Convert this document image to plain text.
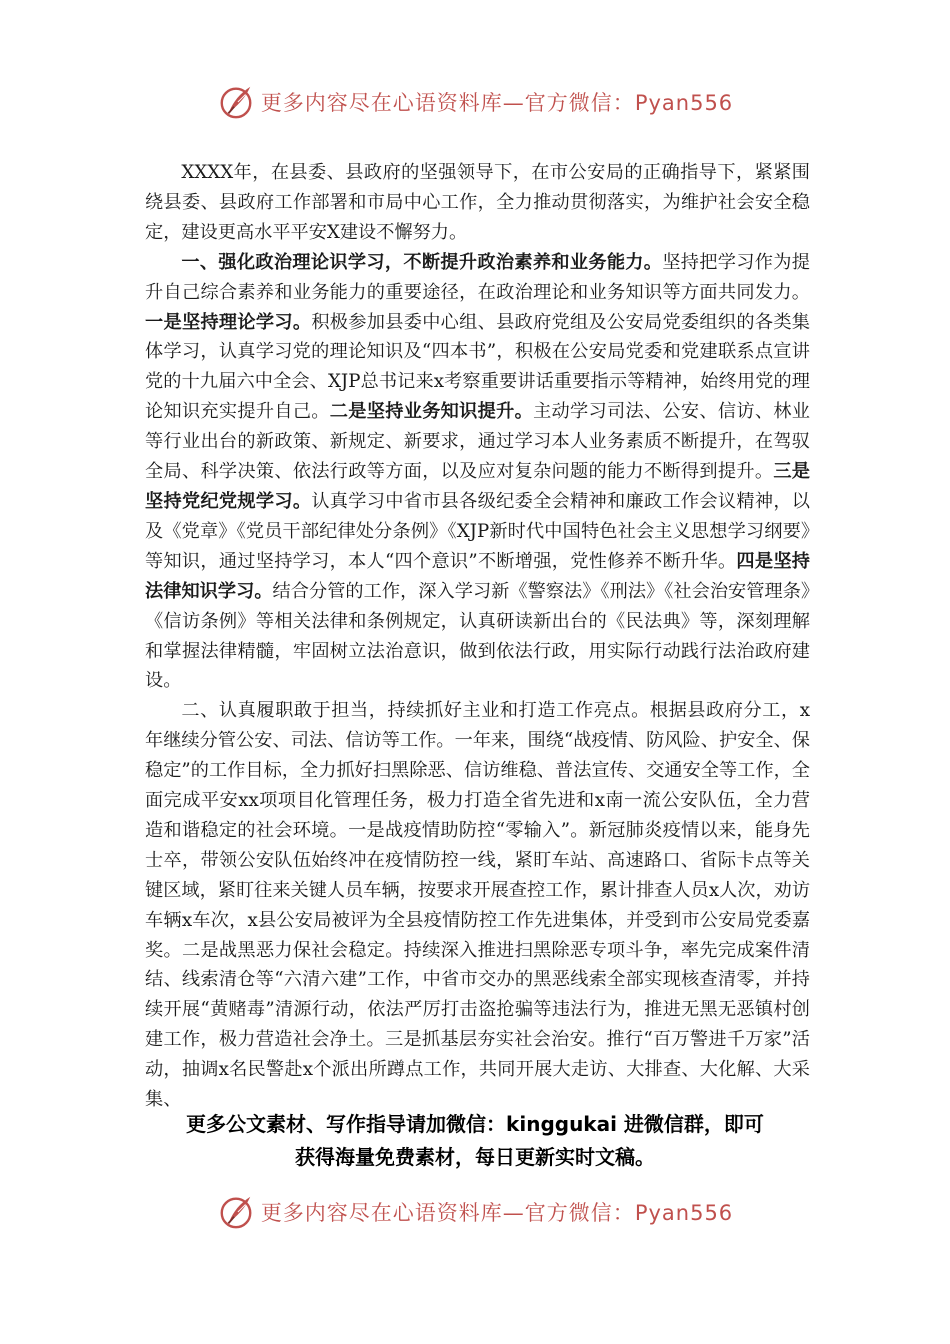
更多内容尽在心语资料库—官方微信：Pyan556

XXXX年，在县委、县政府的坚强领导下，在市公安局的正确指导下，紧紧围绕县委、县政府工作部署和市局中心工作，全力推动贯彻落实，为维护社会安全稳定，建设更高水平平安X建设不懈努力。

一、强化政治理论识学习，不断提升政治素养和业务能力。坚持把学习作为提升自己综合素养和业务能力的重要途径，在政治理论和业务知识等方面共同发力。一是坚持理论学习。积极参加县委中心组、县政府党组及公安局党委组织的各类集体学习，认真学习党的理论知识及“四本书”，积极在公安局党委和党建联系点宣讲党的十九届六中全会、XJP总书记来x考察重要讲话重要指示等精神，始终用党的理论知识充实提升自己。二是坚持业务知识提升。主动学习司法、公安、信访、林业等行业出台的新政策、新规定、新要求，通过学习本人业务素质不断提升，在驾驭全局、科学决策、依法行政等方面，以及应对复杂问题的能力不断得到提升。三是坚持党纪党规学习。认真学习中省市县各级纪委全会精神和廉政工作会议精神，以及《党章》《党员干部纪律处分条例》《XJP新时代中国特色社会主义思想学习纲要》等知识，通过坚持学习，本人“四个意识”不断增强，党性修养不断升华。四是坚持法律知识学习。结合分管的工作，深入学习新《警察法》《刑法》《社会治安管理条》《信访条例》等相关法律和条例规定，认真研读新出台的《民法典》等，深刻理解和掌握法律精髓，牢固树立法治意识，做到依法行政，用实际行动践行法治政府建设。

二、认真履职敢于担当，持续抓好主业和打造工作亮点。根据县政府分工，x年继续分管公安、司法、信访等工作。一年来，围绕“战疫情、防风险、护安全、保稳定”的工作目标，全力抓好扫黑除恶、信访维稳、普法宣传、交通安全等工作，全面完成平安xx项项目化管理任务，极力打造全省先进和x南一流公安队伍，全力营造和谐稳定的社会环境。一是战疫情助防控“零输入”。新冠肺炎疫情以来，能身先士卒，带领公安队伍始终冲在疫情防控一线，紧盯车站、高速路口、省际卡点等关键区域，紧盯往来关键人员车辆，按要求开展查控工作，累计排查人员x人次，劝访车辆x车次，x县公安局被评为全县疫情防控工作先进集体，并受到市公安局党委嘉奖。二是战黑恶力保社会稳定。持续深入推进扫黑除恶专项斗争，率先完成案件清结、线索清仓等“六清六建”工作，中省市交办的黑恶线索全部实现核查清零，并持续开展“黄赌毒”清源行动，依法严厉打击盗抢骗等违法行为，推进无黑无恶镇村创建工作，极力营造社会净土。三是抓基层夯实社会治安。推行“百万警进千万家”活动，抽调x名民警赴x个派出所蹲点工作，共同开展大走访、大排查、大化解、大采集、

更多公文素材、写作指导请加微信：kinggukai 进微信群，即可
获得海量免费素材，每日更新实时文稿。
更多内容尽在心语资料库—官方微信：Pyan556
